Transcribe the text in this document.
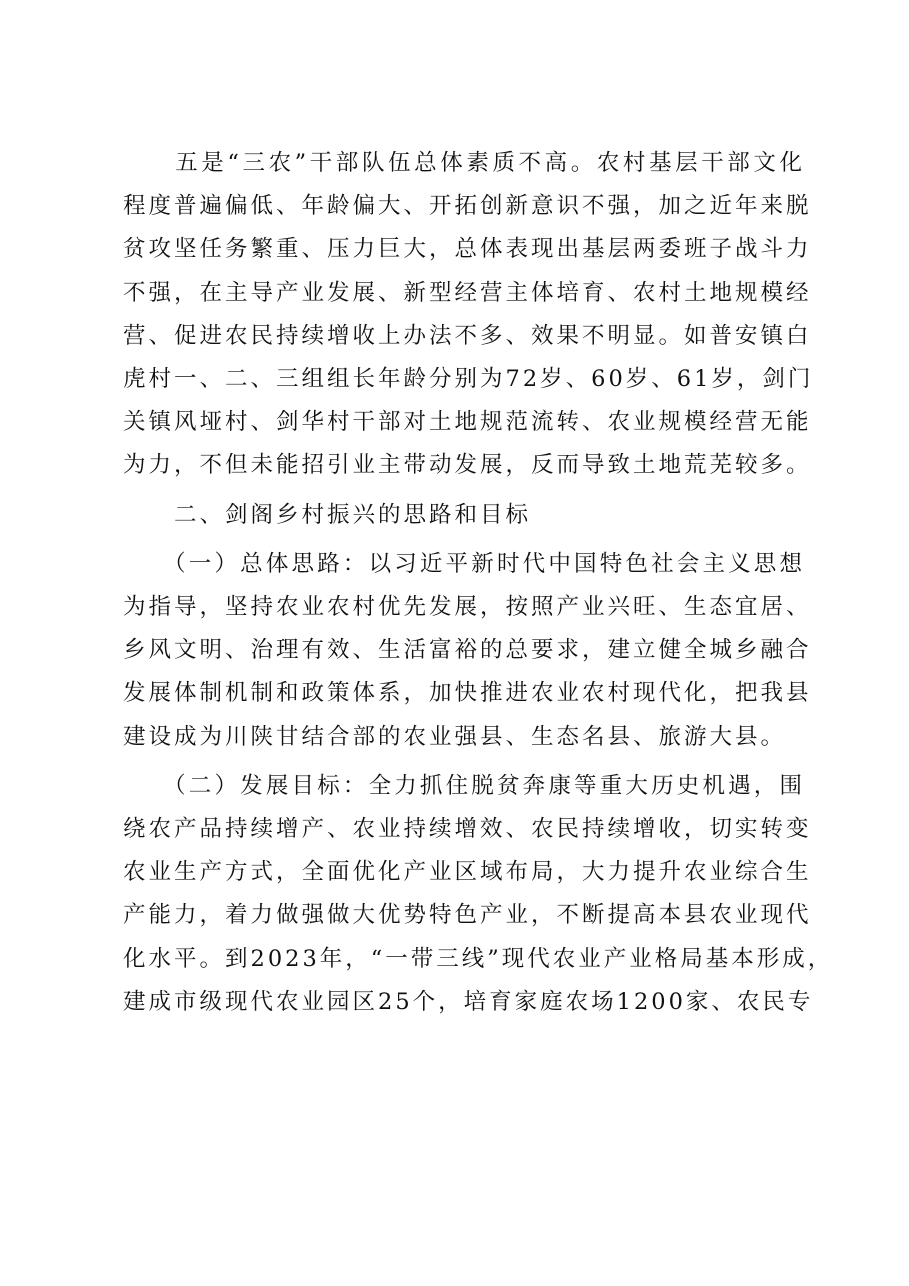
　　五是“三农”干部队伍总体素质不高。农村基层干部文化
程度普遍偏低、年龄偏大、开拓创新意识不强，加之近年来脱
贫攻坚任务繁重、压力巨大，总体表现出基层两委班子战斗力
不强，在主导产业发展、新型经营主体培育、农村土地规模经
营、促进农民持续增收上办法不多、效果不明显。如普安镇白
虎村一、二、三组组长年龄分别为72岁、60岁、61岁，剑门
关镇风垭村、剑华村干部对土地规范流转、农业规模经营无能
为力，不但未能招引业主带动发展，反而导致土地荒芜较多。

　　二、剑阁乡村振兴的思路和目标

　　（一）总体思路：以习近平新时代中国特色社会主义思想
为指导，坚持农业农村优先发展，按照产业兴旺、生态宜居、
乡风文明、治理有效、生活富裕的总要求，建立健全城乡融合
发展体制机制和政策体系，加快推进农业农村现代化，把我县
建设成为川陕甘结合部的农业强县、生态名县、旅游大县。

　　（二）发展目标：全力抓住脱贫奔康等重大历史机遇，围
绕农产品持续增产、农业持续增效、农民持续增收，切实转变
农业生产方式，全面优化产业区域布局，大力提升农业综合生
产能力，着力做强做大优势特色产业，不断提高本县农业现代
化水平。到2023年，“一带三线”现代农业产业格局基本形成，
建成市级现代农业园区25个，培育家庭农场1200家、农民专
